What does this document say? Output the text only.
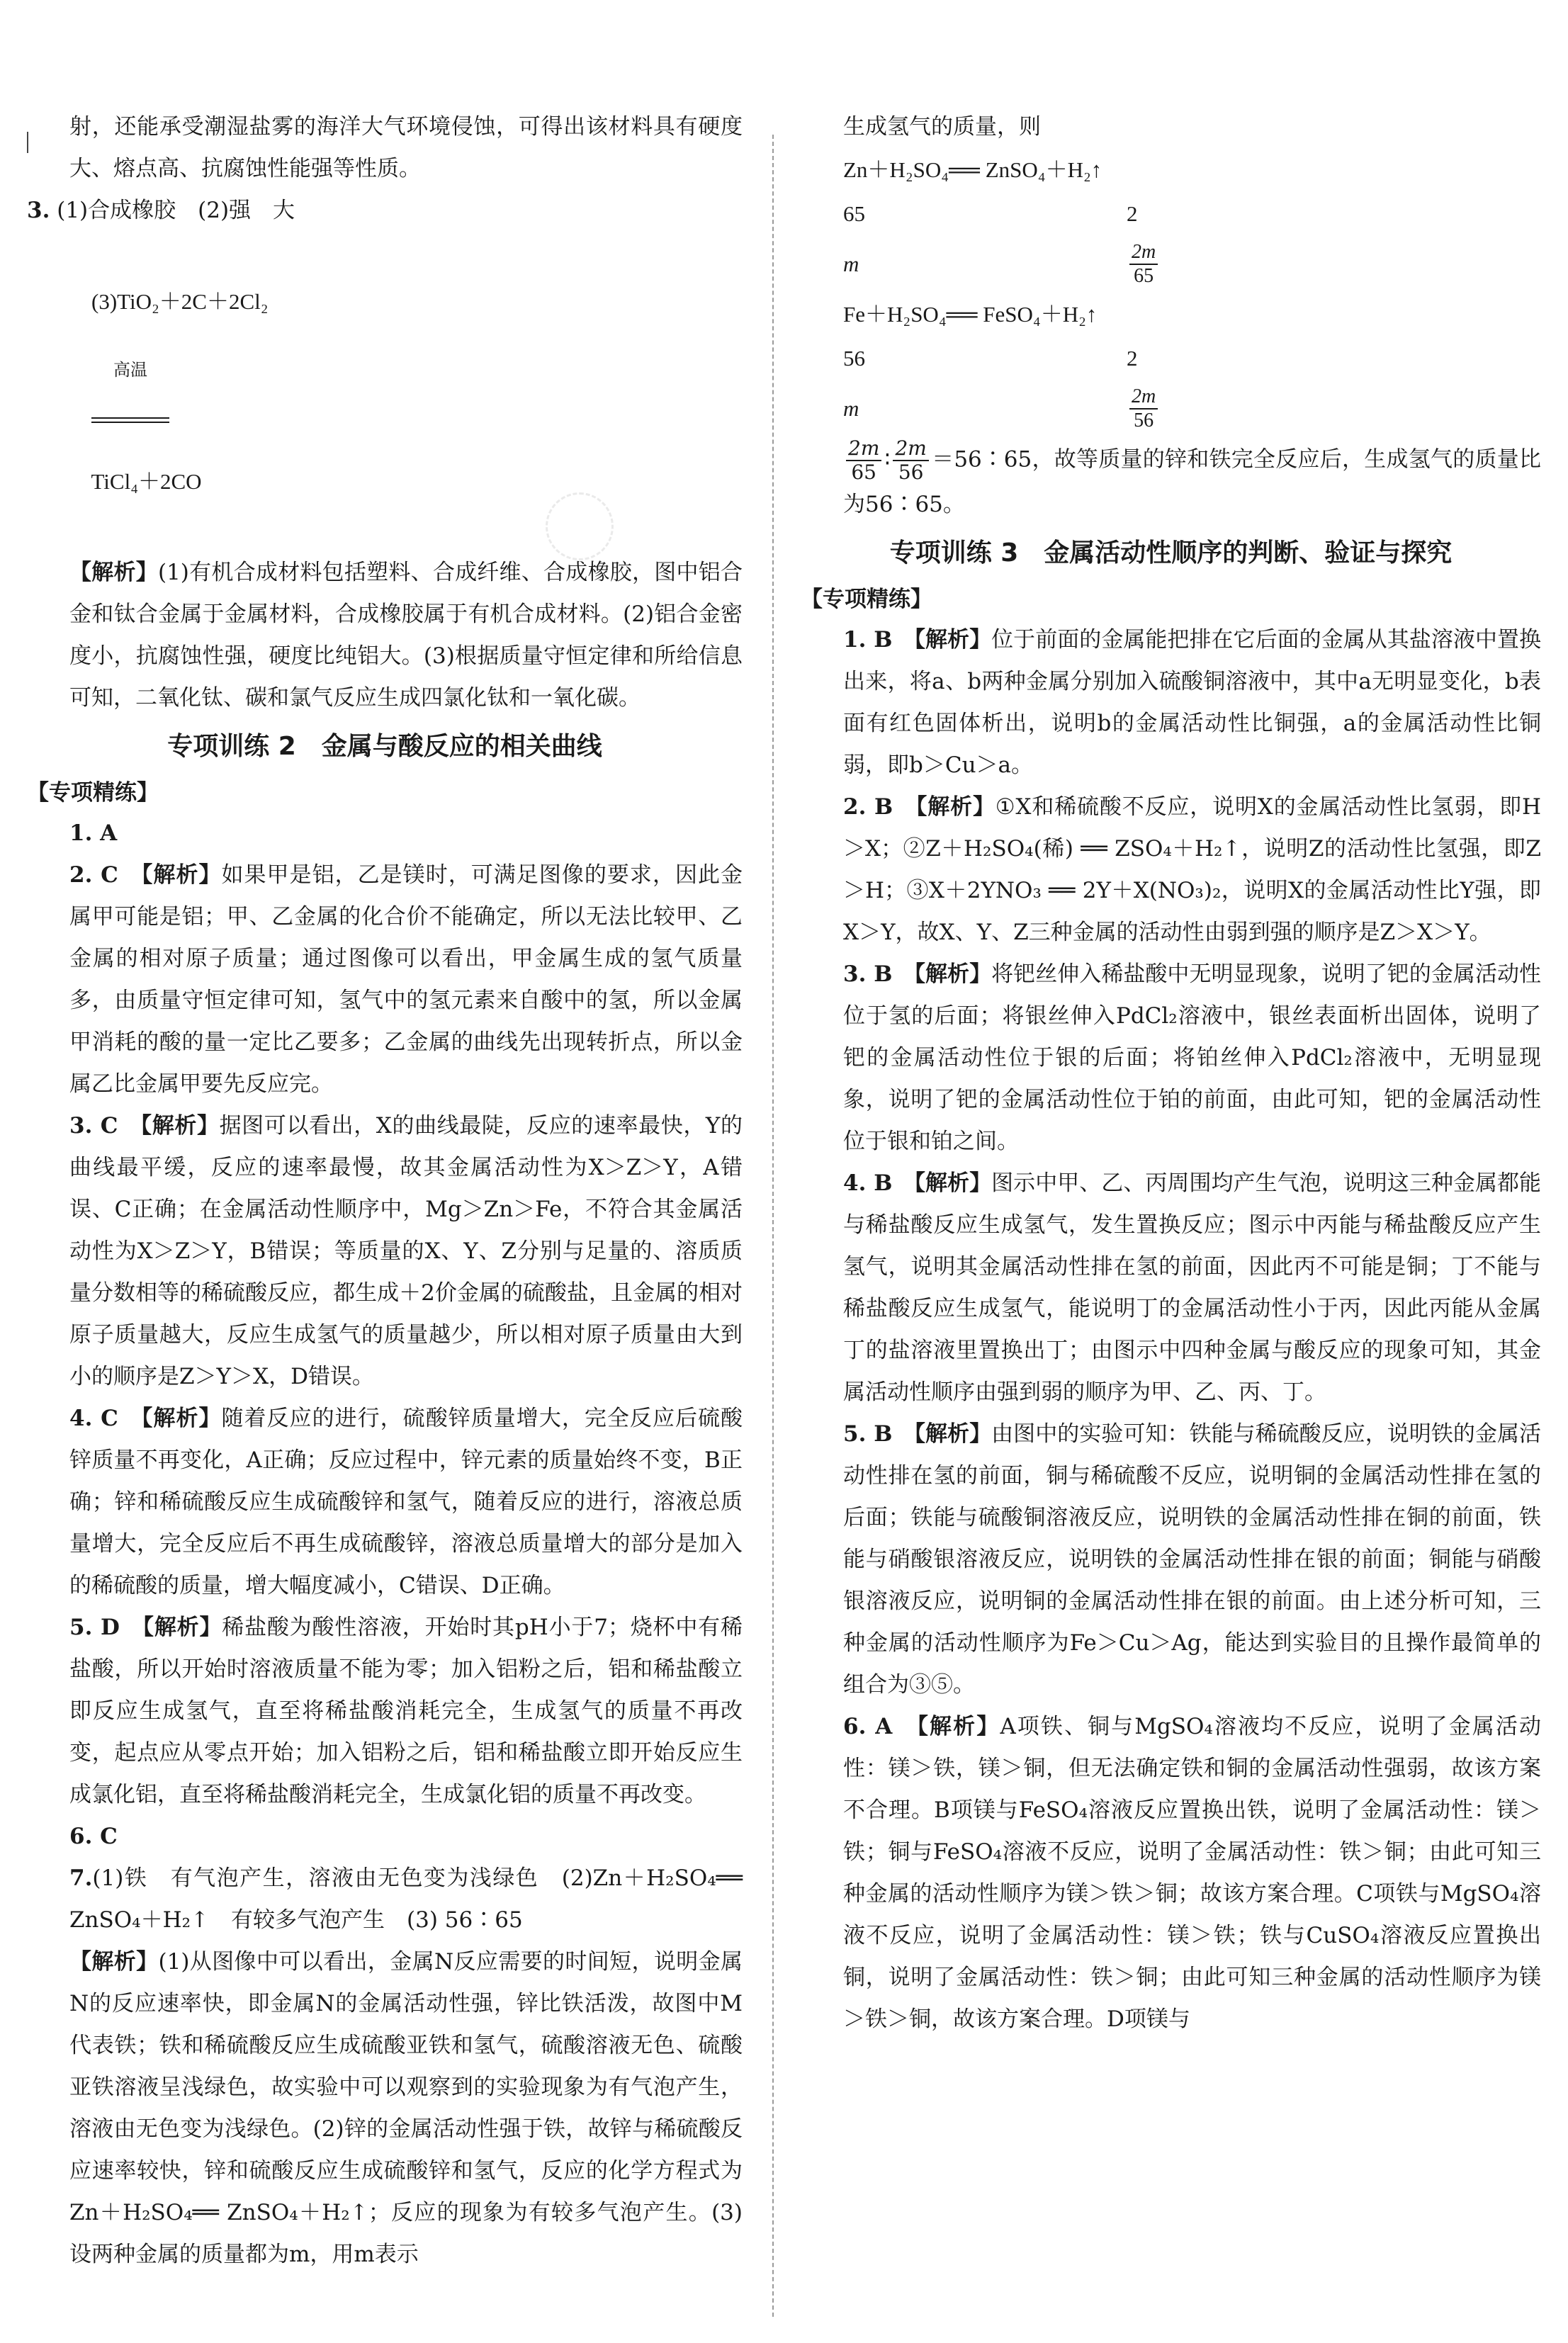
射，还能承受潮湿盐雾的海洋大气环境侵蚀，可得出该材料具有硬度大、熔点高、抗腐蚀性能强等性质。

3. (1)合成橡胶　(2)强　大

(3)TiO₂＋2C＋2Cl₂

高温

TiCl₄＋2CO

【解析】(1)有机合成材料包括塑料、合成纤维、合成橡胶，图中铝合金和钛合金属于金属材料，合成橡胶属于有机合成材料。(2)铝合金密度小，抗腐蚀性强，硬度比纯铝大。(3)根据质量守恒定律和所给信息可知，二氧化钛、碳和氯气反应生成四氯化钛和一氧化碳。

专项训练 2　金属与酸反应的相关曲线

【专项精练】

1. A

2. C　 【解析】如果甲是铝，乙是镁时，可满足图像的要求，因此金属甲可能是铝；甲、乙金属的化合价不能确定，所以无法比较甲、乙金属的相对原子质量；通过图像可以看出，甲金属生成的氢气质量多，由质量守恒定律可知，氢气中的氢元素来自酸中的氢，所以金属甲消耗的酸的量一定比乙要多；乙金属的曲线先出现转折点，所以金属乙比金属甲要先反应完。

3. C　 【解析】据图可以看出，X的曲线最陡，反应的速率最快，Y的曲线最平缓，反应的速率最慢，故其金属活动性为X＞Z＞Y，A错误、C正确；在金属活动性顺序中，Mg＞Zn＞Fe，不符合其金属活动性为X＞Z＞Y，B错误；等质量的X、Y、Z分别与足量的、溶质质量分数相等的稀硫酸反应，都生成＋2价金属的硫酸盐，且金属的相对原子质量越大，反应生成氢气的质量越少，所以相对原子质量由大到小的顺序是Z＞Y＞X，D错误。

4. C　 【解析】随着反应的进行，硫酸锌质量增大，完全反应后硫酸锌质量不再变化，A正确；反应过程中，锌元素的质量始终不变，B正确；锌和稀硫酸反应生成硫酸锌和氢气，随着反应的进行，溶液总质量增大，完全反应后不再生成硫酸锌，溶液总质量增大的部分是加入的稀硫酸的质量，增大幅度减小，C错误、D正确。

5. D　 【解析】稀盐酸为酸性溶液，开始时其pH小于7；烧杯中有稀盐酸，所以开始时溶液质量不能为零；加入铝粉之后，铝和稀盐酸立即反应生成氢气，直至将稀盐酸消耗完全，生成氢气的质量不再改变，起点应从零点开始；加入铝粉之后，铝和稀盐酸立即开始反应生成氯化铝，直至将稀盐酸消耗完全，生成氯化铝的质量不再改变。

6. C

7.(1)铁　有气泡产生，溶液由无色变为浅绿色　(2)Zn＋H₂SO₄══ ZnSO₄＋H₂↑　有较多气泡产生　(3) 56∶65

【解析】(1)从图像中可以看出，金属N反应需要的时间短，说明金属N的反应速率快，即金属N的金属活动性强，锌比铁活泼，故图中M代表铁；铁和稀硫酸反应生成硫酸亚铁和氢气，硫酸溶液无色、硫酸亚铁溶液呈浅绿色，故实验中可以观察到的实验现象为有气泡产生，溶液由无色变为浅绿色。(2)锌的金属活动性强于铁，故锌与稀硫酸反应速率较快，锌和硫酸反应生成硫酸锌和氢气，反应的化学方程式为Zn＋H₂SO₄══ ZnSO₄＋H₂↑；反应的现象为有较多气泡产生。(3)设两种金属的质量都为m，用m表示

生成氢气的质量，则

Zn＋H₂SO₄══ ZnSO₄＋H₂↑

65	2
m	$\frac{2m}{65}$

Fe＋H₂SO₄══ FeSO₄＋H₂↑

56	2
m	$\frac{2m}{56}$

$\frac{2m}{65}$ ∶ $\frac{2m}{56}$ ＝56∶65，故等质量的锌和铁完全反应后，生成氢气的质量比为56∶65。

专项训练 3　金属活动性顺序的判断、验证与探究

【专项精练】

1. B　 【解析】位于前面的金属能把排在它后面的金属从其盐溶液中置换出来，将a、b两种金属分别加入硫酸铜溶液中，其中a无明显变化，b表面有红色固体析出，说明b的金属活动性比铜强，a的金属活动性比铜弱，即b＞Cu＞a。

2. B　 【解析】①X和稀硫酸不反应，说明X的金属活动性比氢弱，即H＞X；②Z＋H₂SO₄(稀) ══ ZSO₄＋H₂↑，说明Z的活动性比氢强，即Z＞H；③X＋2YNO₃ ══ 2Y＋X(NO₃)₂，说明X的金属活动性比Y强，即X＞Y，故X、Y、Z三种金属的活动性由弱到强的顺序是Z＞X＞Y。

3. B　 【解析】将钯丝伸入稀盐酸中无明显现象，说明了钯的金属活动性位于氢的后面；将银丝伸入PdCl₂溶液中，银丝表面析出固体，说明了钯的金属活动性位于银的后面；将铂丝伸入PdCl₂溶液中，无明显现象，说明了钯的金属活动性位于铂的前面，由此可知，钯的金属活动性位于银和铂之间。

4. B　 【解析】图示中甲、乙、丙周围均产生气泡，说明这三种金属都能与稀盐酸反应生成氢气，发生置换反应；图示中丙能与稀盐酸反应产生氢气，说明其金属活动性排在氢的前面，因此丙不可能是铜；丁不能与稀盐酸反应生成氢气，能说明丁的金属活动性小于丙，因此丙能从金属丁的盐溶液里置换出丁；由图示中四种金属与酸反应的现象可知，其金属活动性顺序由强到弱的顺序为甲、乙、丙、丁。

5. B　 【解析】由图中的实验可知：铁能与稀硫酸反应，说明铁的金属活动性排在氢的前面，铜与稀硫酸不反应，说明铜的金属活动性排在氢的后面；铁能与硫酸铜溶液反应，说明铁的金属活动性排在铜的前面，铁能与硝酸银溶液反应，说明铁的金属活动性排在银的前面；铜能与硝酸银溶液反应，说明铜的金属活动性排在银的前面。由上述分析可知，三种金属的活动性顺序为Fe＞Cu＞Ag，能达到实验目的且操作最简单的组合为③⑤。

6. A　 【解析】A项铁、铜与MgSO₄溶液均不反应，说明了金属活动性：镁＞铁，镁＞铜，但无法确定铁和铜的金属活动性强弱，故该方案不合理。B项镁与FeSO₄溶液反应置换出铁，说明了金属活动性：镁＞铁；铜与FeSO₄溶液不反应，说明了金属活动性：铁＞铜；由此可知三种金属的活动性顺序为镁＞铁＞铜；故该方案合理。C项铁与MgSO₄溶液不反应，说明了金属活动性：镁＞铁；铁与CuSO₄溶液反应置换出铜，说明了金属活动性：铁＞铜；由此可知三种金属的活动性顺序为镁＞铁＞铜，故该方案合理。D项镁与
